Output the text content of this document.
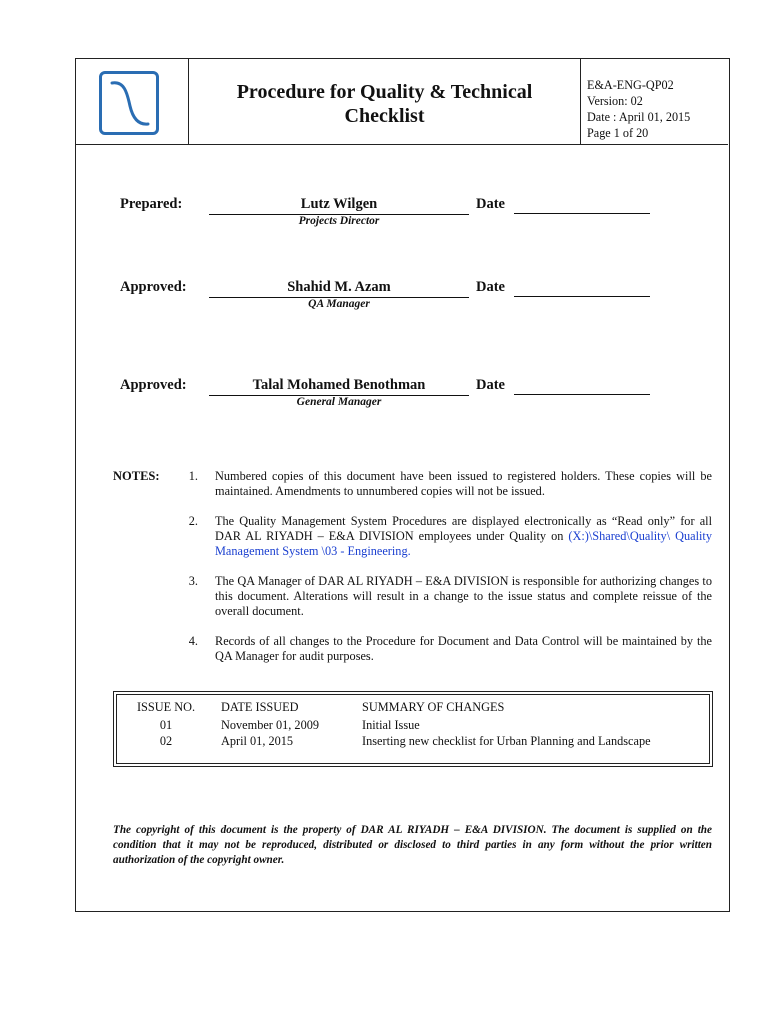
Procedure for Quality & Technical Checklist
E&A-ENG-QP02
Version: 02
Date : April 01, 2015
Page 1 of 20
Prepared:	Lutz Wilgen
Projects Director
Date
Approved:	Shahid M. Azam
QA Manager
Date
Approved:	Talal Mohamed Benothman
General Manager
Date
NOTES:	1. Numbered copies of this document have been issued to registered holders. These copies will be maintained. Amendments to unnumbered copies will not be issued.
2. The Quality Management System Procedures are displayed electronically as “Read only” for all DAR AL RIYADH – E&A DIVISION employees under Quality on (X:)\Shared\Quality\ Quality Management System \03 - Engineering.
3. The QA Manager of DAR AL RIYADH – E&A DIVISION is responsible for authorizing changes to this document. Alterations will result in a change to the issue status and complete reissue of the overall document.
4. Records of all changes to the Procedure for Document and Data Control will be maintained by the QA Manager for audit purposes.
ISSUE NO.	DATE ISSUED	SUMMARY OF CHANGES
01	November 01, 2009	Initial Issue
02	April 01, 2015	Inserting new checklist for Urban Planning and Landscape
The copyright of this document is the property of DAR AL RIYADH – E&A DIVISION. The document is supplied on the condition that it may not be reproduced, distributed or disclosed to third parties in any form without the prior written authorization of the copyright owner.
